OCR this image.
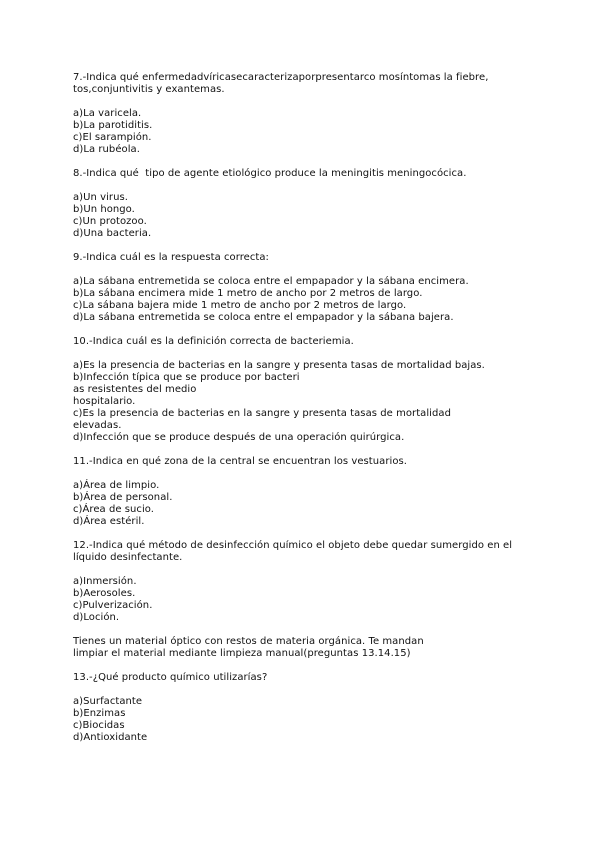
7.-Indica qué enfermedadvíricasecaracterizaporpresentarco mosíntomas la fiebre,

tos,conjuntivitis y exantemas.

a)La varicela.

b)La parotiditis.

c)El sarampión.

d)La rubéola.

8.-Indica qué  tipo de agente etiológico produce la meningitis meningocócica.

a)Un virus.

b)Un hongo.

c)Un protozoo.

d)Una bacteria.

9.-Indica cuál es la respuesta correcta:

a)La sábana entremetida se coloca entre el empapador y la sábana encimera.

b)La sábana encimera mide 1 metro de ancho por 2 metros de largo.

c)La sábana bajera mide 1 metro de ancho por 2 metros de largo.

d)La sábana entremetida se coloca entre el empapador y la sábana bajera.

10.-Indica cuál es la definición correcta de bacteriemia.

a)Es la presencia de bacterias en la sangre y presenta tasas de mortalidad bajas.

b)Infección típica que se produce por bacteri

as resistentes del medio

hospitalario.

c)Es la presencia de bacterias en la sangre y presenta tasas de mortalidad

elevadas.

d)Infección que se produce después de una operación quirúrgica.

11.-Indica en qué zona de la central se encuentran los vestuarios.

a)Área de limpio.

b)Área de personal.

c)Área de sucio.

d)Área estéril.

12.-Indica qué método de desinfección químico el objeto debe quedar sumergido en el

líquido desinfectante.

a)Inmersión.

b)Aerosoles.

c)Pulverización.

d)Loción.

Tienes un material óptico con restos de materia orgánica. Te mandan

limpiar el material mediante limpieza manual(preguntas 13.14.15)

13.-¿Qué producto químico utilizarías?

a)Surfactante

b)Enzimas

c)Biocidas

d)Antioxidante
